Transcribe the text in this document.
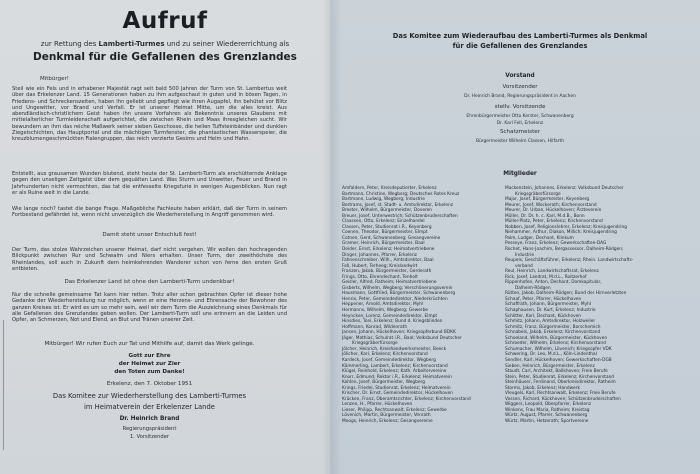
Aufruf
zur Rettung des Lamberti-Turmes und zu seiner Wiedererrichtung als
Denkmal für die Gefallenen des Grenzlandes
Mitbürger!
Steil wie ein Fels und in erhabener Majestät ragt seit bald 500 Jahren der Turm von St. Lambertus weit über das Erkelenzer Land. 15 Generationen haben zu ihm aufgeschaut in guten und in bösen Tagen, in Friedens- und Schreckenszeiten, haben ihn geliebt und gepflegt wie ihren Augapfel, ihn behütet vor Blitz und Ungewitter, vor Brand und Verfall. Er ist unserer Heimat Mitte, um die alles kreist. Aus abendländisch-christlichem Geist haben ihn unsere Vorfahren als Bekenntnis unseres Glaubens mit mittelalterlicher Turmleidenschaft aufgerichtet, die zwischen Rhein und Maas ihresgleichen sucht. Wir bewundern an ihm das reiche Maßwerk seiner sieben Geschosse, die hellen Tuffsteinbänder und dunklen Ziegelschichten, das Hauptportal und die mächtigen Turmfenster, die phantastischen Wasserspeier, die kreuzblumengeschmückten Fialengruppen, das reich verzierte Gesims und Helm und Hahn.
Entstellt, aus grausamen Wunden blutend, steht heute der St. Lamberti-Turm als erschütternde Anklage gegen den unseligen Zeitgeist über dem gequälten Land. Was Sturm und Unwetter, Feuer und Brand in Jahrhunderten nicht vermochten, das tat die entfesselte Kriegsfurie in wenigen Augenblicken. Nun ragt er als Ruine weit in die Lande.
Wie lange noch? tastet die bange Frage. Maßgebliche Fachleute haben erklärt, daß der Turm in seinem Fortbestand gefährdet ist, wenn nicht unverzüglich die Wiederherstellung in Angriff genommen wird.
Damit steht unser Entschluß fest!
Der Turm, das stolze Wahrzeichen unserer Heimat, darf nicht vergehen. Wir wollen den hochragenden Blickpunkt zwischen Rur und Schwalm und Niers erhalten. Unser Turm, der zweithöchste des Rheinlandes, soll auch in Zukunft dem heimkehrenden Wanderer schon von ferne den ersten Gruß entbieten.
Das Erkelenzer Land ist ohne den Lamberti-Turm undenkbar!
Nur die schnelle gemeinsame Tat kann hier retten. Trotz aller schon gebrachten Opfer ist dieser hohe Gedanke der Wiederherstellung nur möglich, wenn er eine Herzens- und Ehrensache der Bewohner des ganzen Kreises ist. Er wird es um so mehr sein, weil wir dem Turm die Auszeichnung eines Denkmals für alle Gefallenen des Grenzlandes geben wollen. Der Lamberti-Turm soll uns erinnern an die Leiden und Opfer, an Schmerzen, Not und Elend, an Blut und Tränen unserer Zeit.
Mitbürger! Wir rufen Euch zur Tat und Mithilfe auf, damit das Werk gelinge.
Gott zur Ehre
der Heimat zur Zier
den Toten zum Danke!
Erkelenz, den 7. Oktober 1951
Das Komitee zur Wiederherstellung des Lamberti-Turmes
im Heimatverein der Erkelenzer Lande
Dr. Heinrich Brand
Regierungspräsident
1. Vorsitzender
Das Komitee zum Wiederaufbau des Lamberti-Turmes als Denkmal
für die Gefallenen des Grenzlandes
Vorstand
Vorsitzender
Dr. Heinrich Brand, Regierungspräsident in Aachen
stellv. Vorsitzende
Ehrenbürgermeister Otto Kerster, Schwanenberg
Dr. Karl Fell, Erkelenz
Schatzmeister
Bürgermeister Wilhelm Classen, Hilfarth
Mitglieder
Amfaldern, Peter, Kreisdeputierter, Erkelenz
Bartmann, Christine, Wegberg; Deutsches Rotes Kreuz
Bartmann, Ludwig, Wegberg; Industrie
Bertrams, Josef, st. Stadt- u. Amtsdirektor, Erkelenz
Brester, Wilhelm, Bürgermeister, Doveren
Breuer, Josef, Unterwestrich; Schützenbruderschaften
Claassen, Otto, Erkelenz; Einzelhandel
Classen, Peter, Studienrat i.R., Keyenberg
Coenen, Theodor, Bürgermeister, Elmpt
Cotnen, Gerd, Schwanenberg; Gesangvereine
Gramer, Heinrich, Bürgermeister, Baal
Deider, Ernst, Erkelenz; Heimatvertriebene
Dinger, Johannes, Pfarrer, Erkelenz
Fahnenschreiber, Wilh., Amtsdirektor, Baal
Fell, Hubert, Terheeg; Kreislandwirt
Franzen, Jakob, Bürgermeister, Gerderath
Frings, Otto, Ehrendechant, Tenholt
Geisler, Alfred, Ratheim; Heimatvertriebene
Gisberts, Wilhelm, Wegberg; Verschönerungsverein
Hausmann, Gottfried, Bürgermeister, Schwanenberg
Henrix, Peter, Gemeindedirektor, Niederkrüchten
Heppener, Arnold, Amtsdirektor, Myhl
Hermanns, Wilhelm, Wegberg; Gewerbe
Heyncken, Lorenz, Gemeindedirektor, Elmpt
Hinsdies, Toni, Erkelenz; Bund d. Kriegsblinden
Hoffmann, Konrad, Wildenrath
Jansen, Johann, Hückelhoven; Kriegsopferbund BDKK
Jäger, Mathias, Schulrat i.R., Baal; Volksbund Deutscher
Kriegsgräberfürsorge
Jölcher, Heinrich, Kreishandwerksmeister, Beeck
Jölicher, Karl, Erkelenz; Kirchenvorstand
Kardeck, Josef, Gemeindedirektor, Wegberg
Kämmerling, Lambert, Erkelenz; Kirchenvorstand
Klügel, Reinhold, Erkelenz; Kath. Arbeitervereine
Knorr, Edmund, Rektor i.R., Erkelenz; Heimatverein
Kohlen, Josef, Bürgermeister, Wegberg
Krings, Friedel, Studienrat, Erkelenz; Heimatverein
Krischer, Dr. Ernst, Gemeindedirektor, Hückelhoven
Krücken, Franz, Oberamtsrichter, Erkelenz; Kirchenvorstand
Lenzen, H., Pfarrer, Hückelhoven
Lieser, Philipp, Rechtsanwalt, Erkelenz; Gewerbe
Lövenich, Martin, Bürgermeister, Venrath
Moogs, Heinrich, Erkelenz; Gesangvereine
Mackenstein, Johannes, Erkelenz; Volksbund Deutscher
Kriegsgräberfürsorge
Major, Josef, Bürgermeister, Keyenberg
Meurer, Josef, Wockerath; Kirchenvorstand
Meurer, Dr. Urban, Hückelhoven; Ärzteverein
Müller, Dr. Dr. h. c. Karl, M.d.B., Bonn
Müller-Platz, Peter, Erkelenz; Kirchenvorstand
Nobben, Josef, Religionslehrer, Erkelenz; Kreisjugendring
Niehammer, Arthur, Diakon, Millich; Kreisjugendring
Palm, Ludger, Dechant, Klinkum
Pesseye, Franz, Erkelenz; Gewerkschaften-DAG
Rochet, Hans-Joachim, Bergassessor, Dalheim-Rödgen;
Industrie
Reupels, Geschäftsführer, Erkelenz; Rhein. Landwirtschafts-
verband
Reul, Heinrich, Landwirtschaftsrat, Erkelenz
Rick, Josef, Landrat, M.d.L., Roitzerhof
Rippenhofen, Anton, Dechant, Domkapitular,
Dalheim-Rödgen
Rütten, Jakob, Dalheim-Rödgen; Bund der Hirnverletzten
Schaaf, Peter, Pfarrer, Hückelhoven
Schaffrath, Johann, Bürgermeister, Myhl
Schaphausen, Dr. Kurt, Erkelenz; Industrie
Schlitter, Karl, Dechant, Kückhoven
Schmitz, Johann, Amtsdirektor, Holzweiler
Schmitz, Franz, Bürgermeister, Borschemich
Schnabels, Jakob, Erkelenz; Kirchenvorstand
Schoeland, Wilhelm, Bürgermeister, Kückhoven
Schroeder, Wilhelm, Erkelenz; Kirchenvorstand
Schumacher, Wilhelm, Lövenich; Kriegsopfer VDK
Schwering, Dr. Leo, M.d.L., Köln-Lindenthal
Sendler, Karl, Hückelhoven; Gewerkschaften-DGB
Sieben, Heinrich, Bürgermeister, Erkelenz
Staudt, Carl, Architekt, Ballkhoven; Freie Berufe
Stein, Peter, Studienrat, Erkelenz; Kirchenvorstand
Steinhäuser, Ferdinand, Oberkreisdirektor, Ratheim
Storms, Jakob, Erkelenz; Handwerk
Vleugels, Karl, Rechtsanwalt, Erkelenz; Freie Berufe
Vossen, Richard, Kückhoven; Schützenbruderschaften
Wiggers, Leopold, Oberpfarrer, Erkelenz
Winkens, Frau Maria, Ratheim; Kreistag
Würtz, August, Pfarrer, Schwanenberg
Würtz, Martin, Hetzerath; Sportvereine
